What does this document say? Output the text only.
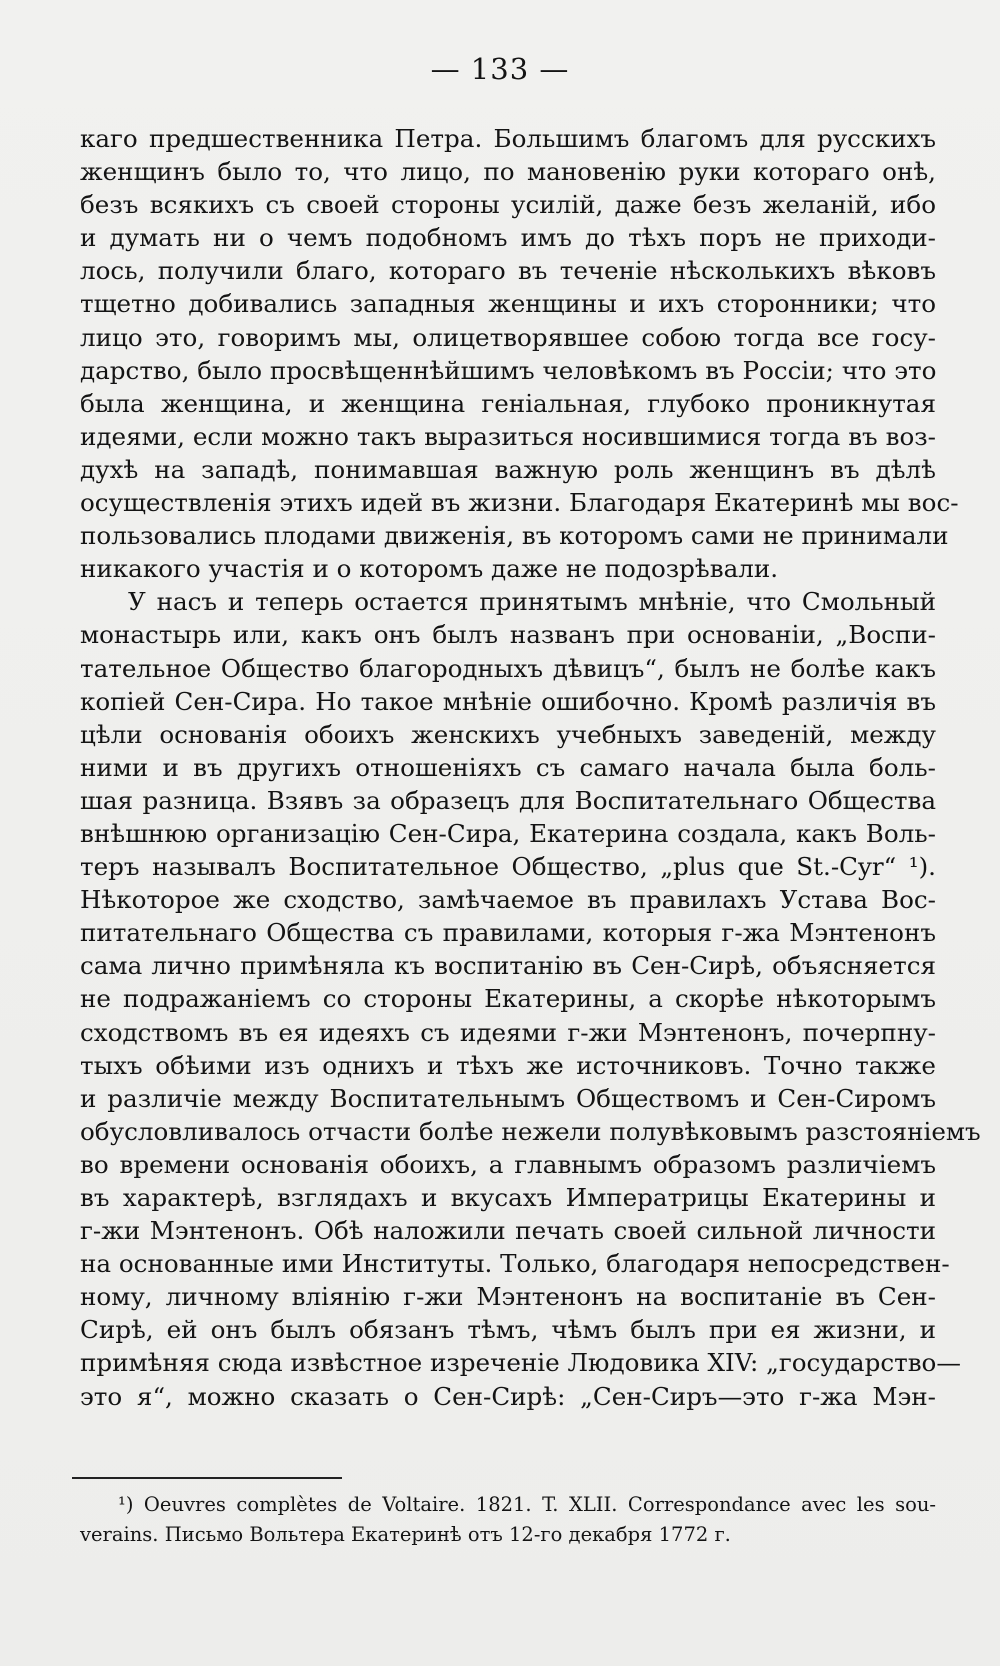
— 133 —
каго предшественника Петра. Большимъ благомъ для русскихъ
женщинъ было то, что лицо, по мановенію руки котораго онѣ,
безъ всякихъ съ своей стороны усилій, даже безъ желаній, ибо
и думать ни о чемъ подобномъ имъ до тѣхъ поръ не приходи-
лось, получили благо, котораго въ теченіе нѣсколькихъ вѣковъ
тщетно добивались западныя женщины и ихъ сторонники; что
лицо это, говоримъ мы, олицетворявшее собою тогда все госу-
дарство, было просвѣщеннѣйшимъ человѣкомъ въ Россіи; что это
была женщина, и женщина геніальная, глубоко проникнутая
идеями, если можно такъ выразиться носившимися тогда въ воз-
духѣ на западѣ, понимавшая важную роль женщинъ въ дѣлѣ
осуществленія этихъ идей въ жизни. Благодаря Екатеринѣ мы вос-
пользовались плодами движенія, въ которомъ сами не принимали
никакого участія и о которомъ даже не подозрѣвали.
У насъ и теперь остается принятымъ мнѣніе, что Смольный
монастырь или, какъ онъ былъ названъ при основаніи, „Воспи-
тательное Общество благородныхъ дѣвицъ“, былъ не болѣе какъ
копіей Сен-Сира. Но такое мнѣніе ошибочно. Кромѣ различія въ
цѣли основанія обоихъ женскихъ учебныхъ заведеній, между
ними и въ другихъ отношеніяхъ съ самаго начала была боль-
шая разница. Взявъ за образецъ для Воспитательнаго Общества
внѣшнюю организацію Сен-Сира, Екатерина создала, какъ Воль-
теръ называлъ Воспитательное Общество, „plus que St.-Cyr“ ¹).
Нѣкоторое же сходство, замѣчаемое въ правилахъ Устава Вос-
питательнаго Общества съ правилами, которыя г-жа Мэнтенонъ
сама лично примѣняла къ воспитанію въ Сен-Сирѣ, объясняется
не подражаніемъ со стороны Екатерины, а скорѣе нѣкоторымъ
сходствомъ въ ея идеяхъ съ идеями г-жи Мэнтенонъ, почерпну-
тыхъ обѣими изъ однихъ и тѣхъ же источниковъ. Точно также
и различіе между Воспитательнымъ Обществомъ и Сен-Сиромъ
обусловливалось отчасти болѣе нежели полувѣковымъ разстояніемъ
во времени основанія обоихъ, а главнымъ образомъ различіемъ
въ характерѣ, взглядахъ и вкусахъ Императрицы Екатерины и
г-жи Мэнтенонъ. Обѣ наложили печать своей сильной личности
на основанные ими Институты. Только, благодаря непосредствен-
ному, личному вліянію г-жи Мэнтенонъ на воспитаніе въ Сен-
Сирѣ, ей онъ былъ обязанъ тѣмъ, чѣмъ былъ при ея жизни, и
примѣняя сюда извѣстное изреченіе Людовика XIV: „государство—
это я“, можно сказать о Сен-Сирѣ: „Сен-Сиръ—это г-жа Мэн-
¹) Oeuvres complètes de Voltaire. 1821. T. XLII. Correspondance avec les sou-
verains. Письмо Вольтера Екатеринѣ отъ 12-го декабря 1772 г.
